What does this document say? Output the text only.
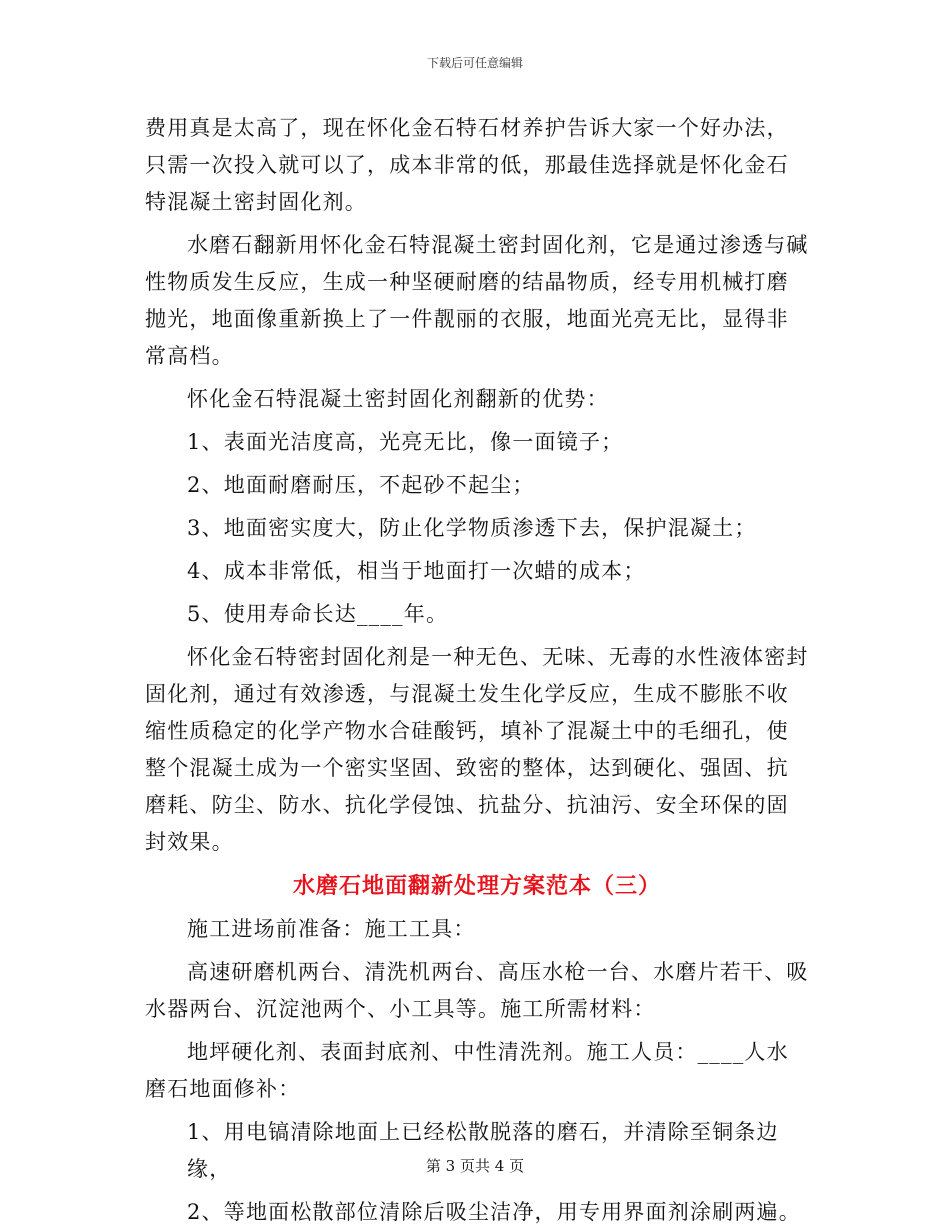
下载后可任意编辑

费用真是太高了，现在怀化金石特石材养护告诉大家一个好办法，只需一次投入就可以了，成本非常的低，那最佳选择就是怀化金石特混凝土密封固化剂。

水磨石翻新用怀化金石特混凝土密封固化剂，它是通过渗透与碱性物质发生反应，生成一种坚硬耐磨的结晶物质，经专用机械打磨抛光，地面像重新换上了一件靓丽的衣服，地面光亮无比，显得非常高档。

怀化金石特混凝土密封固化剂翻新的优势：

1、表面光洁度高，光亮无比，像一面镜子；

2、地面耐磨耐压，不起砂不起尘；

3、地面密实度大，防止化学物质渗透下去，保护混凝土；

4、成本非常低，相当于地面打一次蜡的成本；

5、使用寿命长达____年。

怀化金石特密封固化剂是一种无色、无味、无毒的水性液体密封固化剂，通过有效渗透，与混凝土发生化学反应，生成不膨胀不收缩性质稳定的化学产物水合硅酸钙，填补了混凝土中的毛细孔，使整个混凝土成为一个密实坚固、致密的整体，达到硬化、强固、抗磨耗、防尘、防水、抗化学侵蚀、抗盐分、抗油污、安全环保的固封效果。

水磨石地面翻新处理方案范本（三）

施工进场前准备：施工工具：

高速研磨机两台、清洗机两台、高压水枪一台、水磨片若干、吸水器两台、沉淀池两个、小工具等。施工所需材料：

地坪硬化剂、表面封底剂、中性清洗剂。施工人员：____人水磨石地面修补：

1、用电镐清除地面上已经松散脱落的磨石，并清除至铜条边缘，

2、等地面松散部位清除后吸尘洁净，用专用界面剂涂刷两遍。

第 3 页共 4 页
